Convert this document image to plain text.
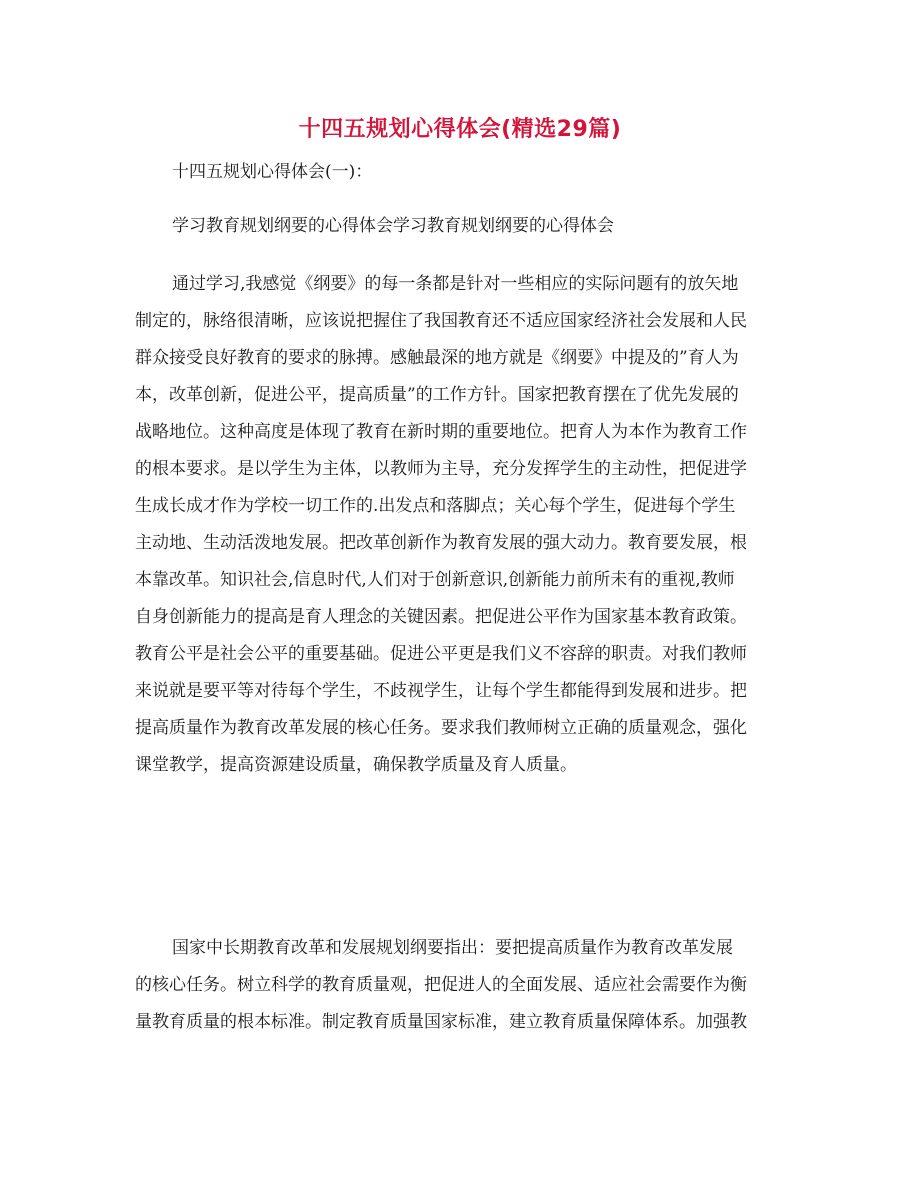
十四五规划心得体会(精选29篇)
十四五规划心得体会(一)：
学习教育规划纲要的心得体会学习教育规划纲要的心得体会
通过学习,我感觉《纲要》的每一条都是针对一些相应的实际问题有的放矢地
制定的，脉络很清晰，应该说把握住了我国教育还不适应国家经济社会发展和人民
群众接受良好教育的要求的脉搏。感触最深的地方就是《纲要》中提及的”育人为
本，改革创新，促进公平，提高质量”的工作方针。国家把教育摆在了优先发展的
战略地位。这种高度是体现了教育在新时期的重要地位。把育人为本作为教育工作
的根本要求。是以学生为主体，以教师为主导，充分发挥学生的主动性，把促进学
生成长成才作为学校一切工作的.出发点和落脚点；关心每个学生，促进每个学生
主动地、生动活泼地发展。把改革创新作为教育发展的强大动力。教育要发展，根
本靠改革。知识社会,信息时代,人们对于创新意识,创新能力前所未有的重视,教师
自身创新能力的提高是育人理念的关键因素。把促进公平作为国家基本教育政策。
教育公平是社会公平的重要基础。促进公平更是我们义不容辞的职责。对我们教师
来说就是要平等对待每个学生，不歧视学生，让每个学生都能得到发展和进步。把
提高质量作为教育改革发展的核心任务。要求我们教师树立正确的质量观念，强化
课堂教学，提高资源建设质量，确保教学质量及育人质量。
国家中长期教育改革和发展规划纲要指出：要把提高质量作为教育改革发展
的核心任务。树立科学的教育质量观，把促进人的全面发展、适应社会需要作为衡
量教育质量的根本标准。制定教育质量国家标准，建立教育质量保障体系。加强教
